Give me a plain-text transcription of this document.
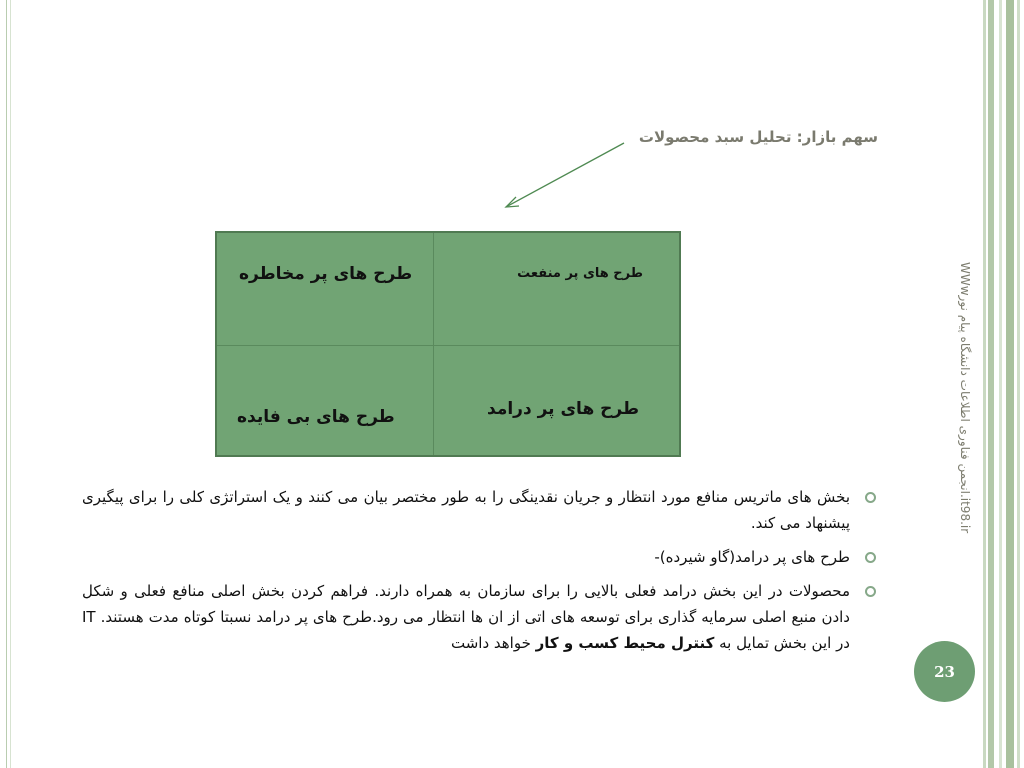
سهم بازار: تحلیل سبد محصولات
طرح های پر منفعت
طرح های پر مخاطره
طرح های پر درامد
طرح های بی فایده
بخش های ماتریس منافع مورد انتظار و جریان نقدینگی را به طور مختصر بیان می کنند و یک استراتژی کلی را برای پیگیری پیشنهاد می کند.
طرح های پر درامد(گاو شیرده)-
محصولات در این بخش درامد فعلی بالایی را برای سازمان به همراه دارند. فراهم کردن بخش اصلی منافع فعلی و شکل دادن منبع اصلی سرمایه گذاری برای توسعه های اتی از ان ها انتظار می رود.طرح های پر درامد نسبتا کوتاه مدت هستند. IT در این بخش تمایل به کنترل محیط کسب و کار خواهد داشت
WWwانجمن فناوری اطلاعات دانشگاه پیام نور.it98.ir
23
